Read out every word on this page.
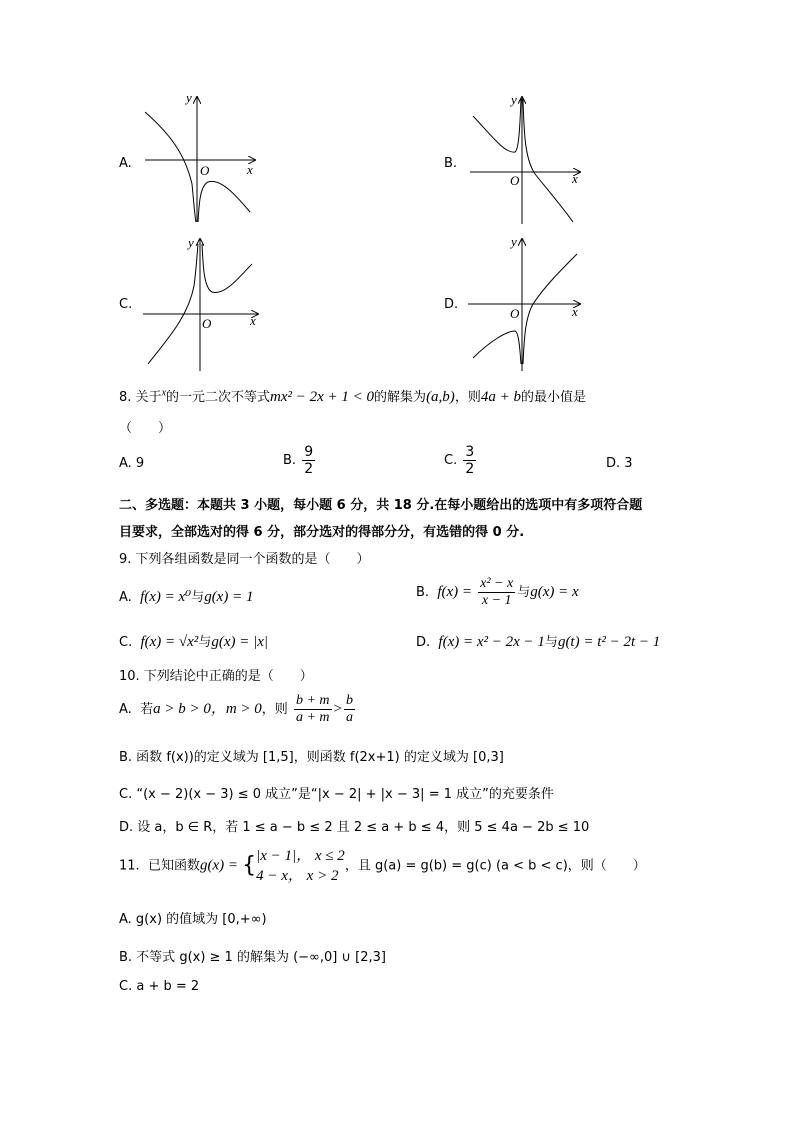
A.
y
x
O	B.
y
x
O
C.
y
x
O
D.
y
x
O
8. 关于$^x$的一元二次不等式mx² − 2x + 1 < 0的解集为(a,b)，则4a + b的最小值是
（　　）
A. 9	B. $\frac{9}{2}$	C. $\frac{3}{2}$	D. 3
二、多选题：本题共 3 小题，每小题 6 分，共 18 分.在每小题给出的选项中有多项符合题
目要求，全部选对的得 6 分，部分选对的得部分分，有选错的得 0 分.
9. 下列各组函数是同一个函数的是（　　）
A. f(x) = x⁰与g(x) = 1	B. $f(x) = \frac{\text{x² − x}}{x - 1}$ 与g(x) = x
C. f(x) = √x²与g(x) = |x|	D. f(x) = x² − 2x − 1与g(t) = t² − 2t − 1
10. 下列结论中正确的是（　　）
A. 若a > b > 0，m > 0，则 $\frac{b + m}{a + m} > \frac{b}{a}$
B. 函数 f(x))的定义域为 [1,5]，则函数 f(2x+1) 的定义域为 [0,3]
C. “(x − 2)(x − 3) ≤ 0 成立”是“|x − 2| + |x − 3| = 1 成立”的充要条件
D. 设 a，b ∈ R，若 1 ≤ a − b ≤ 2 且 2 ≤ a + b ≤ 4，则 5 ≤ 4a − 2b ≤ 10
11. 已知函数g(x) = { |x − 1|， x ≤ 2
4 − x， x > 2
，且 g(a) = g(b) = g(c) (a < b < c)，则（　　）
A. g(x) 的值域为 [0,+∞)
B. 不等式 g(x) ≥ 1 的解集为 (−∞,0] ∪ [2,3]
C. a + b = 2
